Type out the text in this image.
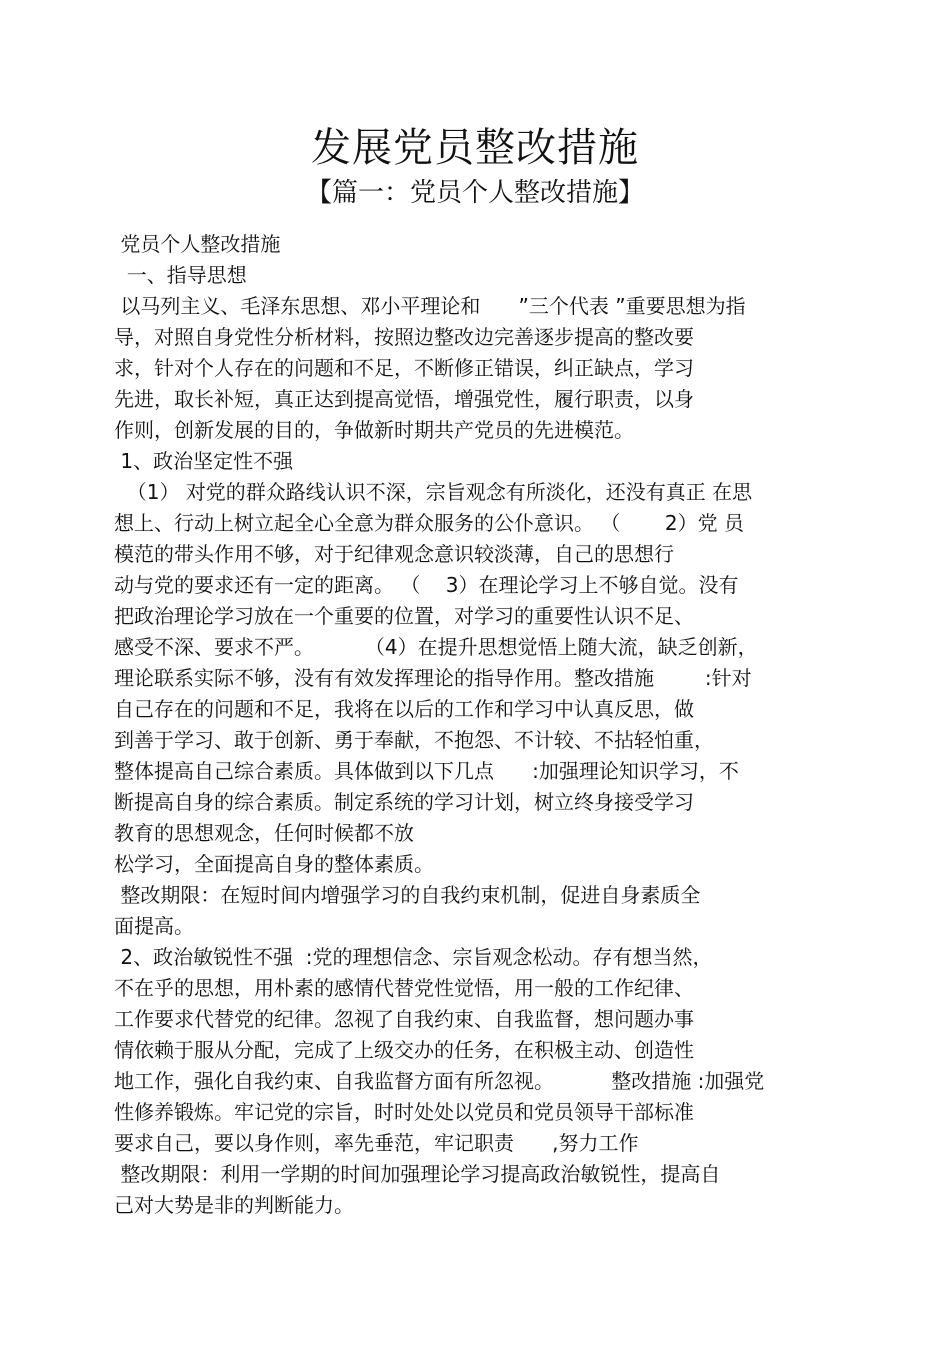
发展党员整改措施
【篇一：党员个人整改措施】
党员个人整改措施
一、指导思想
以马列主义、毛泽东思想、邓小平理论和      ”三个代表 ”重要思想为指
导，对照自身党性分析材料，按照边整改边完善逐步提高的整改要
求，针对个人存在的问题和不足，不断修正错误，纠正缺点，学习
先进，取长补短，真正达到提高觉悟，增强党性，履行职责，以身
作则，创新发展的目的，争做新时期共产党员的先进模范。
1、政治坚定性不强
（1） 对党的群众路线认识不深，宗旨观念有所淡化，还没有真正 在思
想上、行动上树立起全心全意为群众服务的公仆意识。 （       2）党 员
模范的带头作用不够，对于纪律观念意识较淡薄，自己的思想行
动与党的要求还有一定的距离。 （    3）在理论学习上不够自觉。没有
把政治理论学习放在一个重要的位置，对学习的重要性认识不足、
感受不深、要求不严。        （4）在提升思想觉悟上随大流，缺乏创新，
理论联系实际不够，没有有效发挥理论的指导作用。整改措施        :针对
自己存在的问题和不足，我将在以后的工作和学习中认真反思，做
到善于学习、敢于创新、勇于奉献，不抱怨、不计较、不拈轻怕重，
整体提高自己综合素质。具体做到以下几点      :加强理论知识学习，不
断提高自身的综合素质。制定系统的学习计划，树立终身接受学习
教育的思想观念，任何时候都不放
松学习，全面提高自身的整体素质。
整改期限：在短时间内增强学习的自我约束机制，促进自身素质全
面提高。
2、政治敏锐性不强  :党的理想信念、宗旨观念松动。存有想当然，
不在乎的思想，用朴素的感情代替党性觉悟，用一般的工作纪律、
工作要求代替党的纪律。忽视了自我约束、自我监督，想问题办事
情依赖于服从分配，完成了上级交办的任务，在积极主动、创造性
地工作，强化自我约束、自我监督方面有所忽视。         整改措施 :加强党
性修养锻炼。牢记党的宗旨，时时处处以党员和党员领导干部标准
要求自己，要以身作则，率先垂范，牢记职责      ,努力工作
整改期限：利用一学期的时间加强理论学习提高政治敏锐性，提高自
己对大势是非的判断能力。
